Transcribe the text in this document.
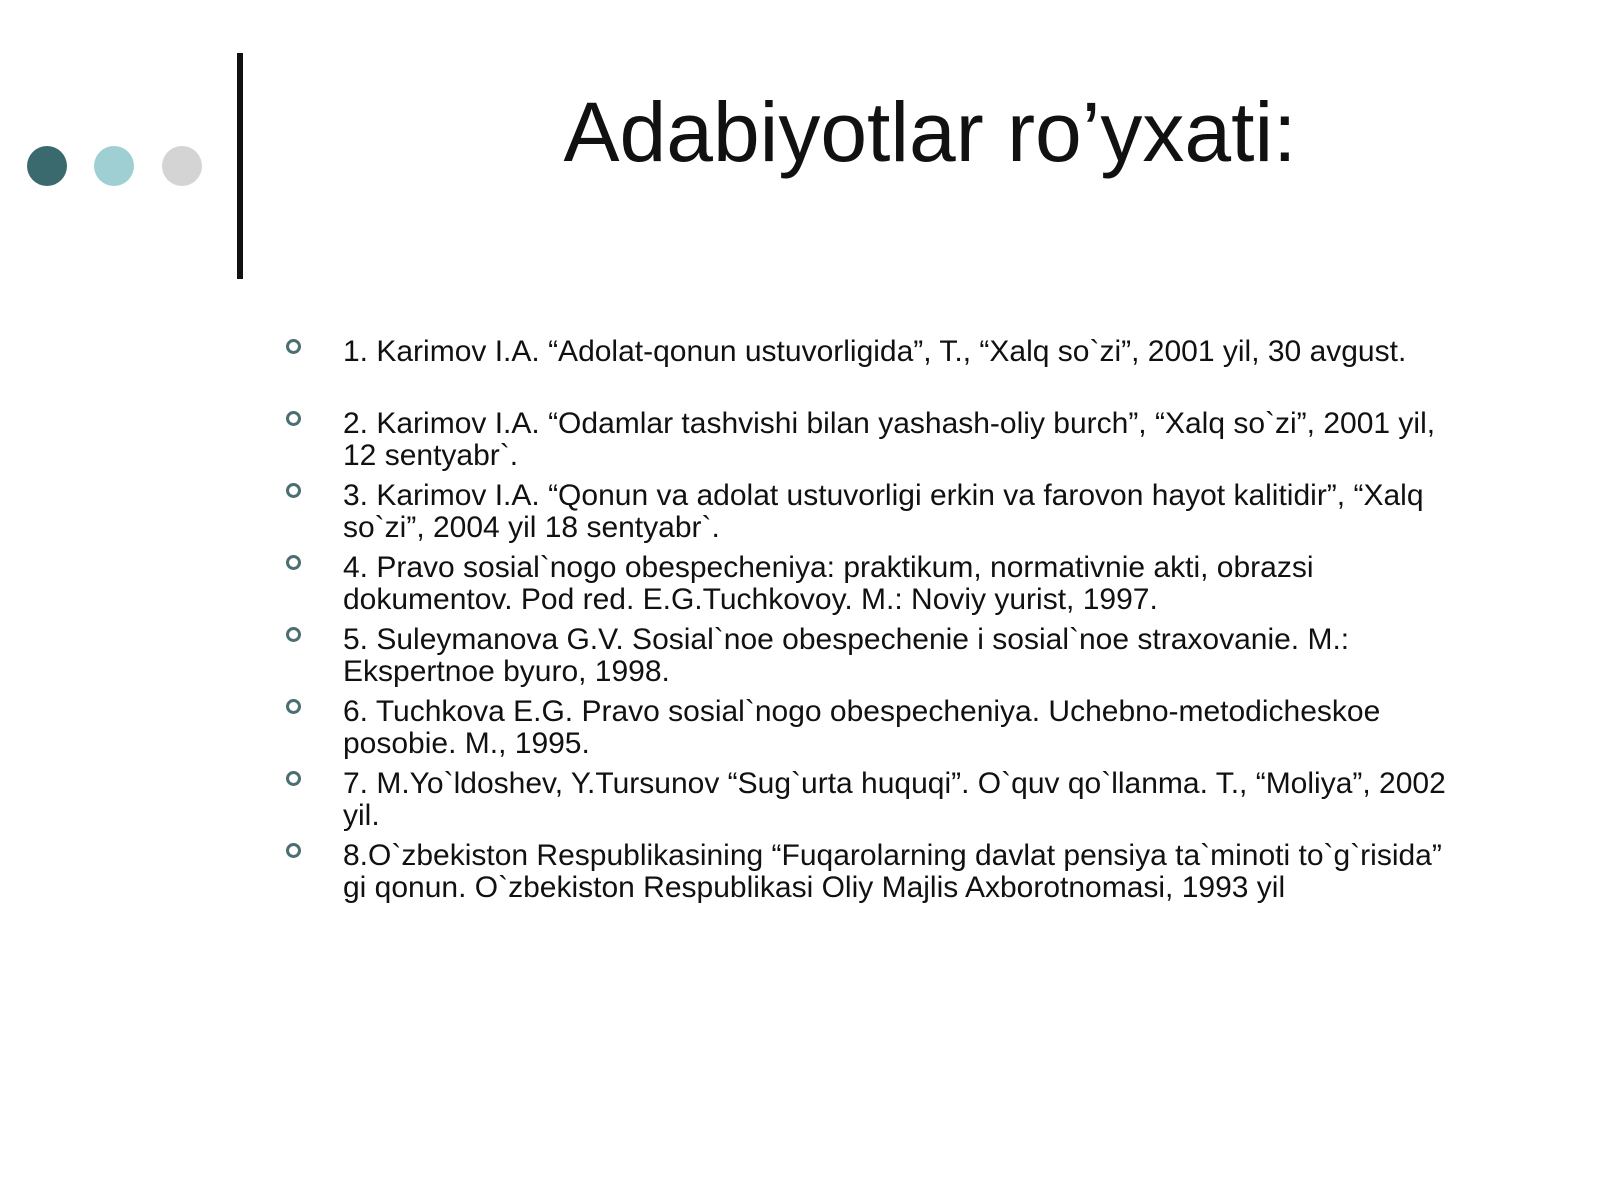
Adabiyotlar ro’yxati:
1. Karimov I.A. “Adolat-qonun ustuvorligida”, T., “Xalq so`zi”, 2001 yil, 30 avgust.
2. Karimov I.A. “Odamlar tashvishi bilan yashash-oliy burch”, “Xalq so`zi”, 2001 yil, 12 sentyabr`.
3. Karimov I.A. “Qonun va adolat ustuvorligi erkin va farovon hayot kalitidir”, “Xalq so`zi”, 2004 yil 18 sentyabr`.
4. Pravo sosial`nogo obespecheniya: praktikum, normativnie akti, obrazsi dokumentov. Pod red. E.G.Tuchkovoy. M.: Noviy yurist, 1997.
5. Suleymanova G.V. Sosial`noe obespechenie i sosial`noe straxovanie. M.: Ekspertnoe byuro, 1998.
6. Tuchkova E.G. Pravo sosial`nogo obespecheniya. Uchebno-metodicheskoe posobie. M., 1995.
7. M.Yo`ldoshev, Y.Tursunov “Sug`urta huquqi”. O`quv qo`llanma. T., “Moliya”, 2002 yil.
8.O`zbekiston Respublikasining “Fuqarolarning davlat pensiya ta`minoti to`g`risida” gi qonun. O`zbekiston Respublikasi Oliy Majlis Axborotnomasi, 1993 yil
